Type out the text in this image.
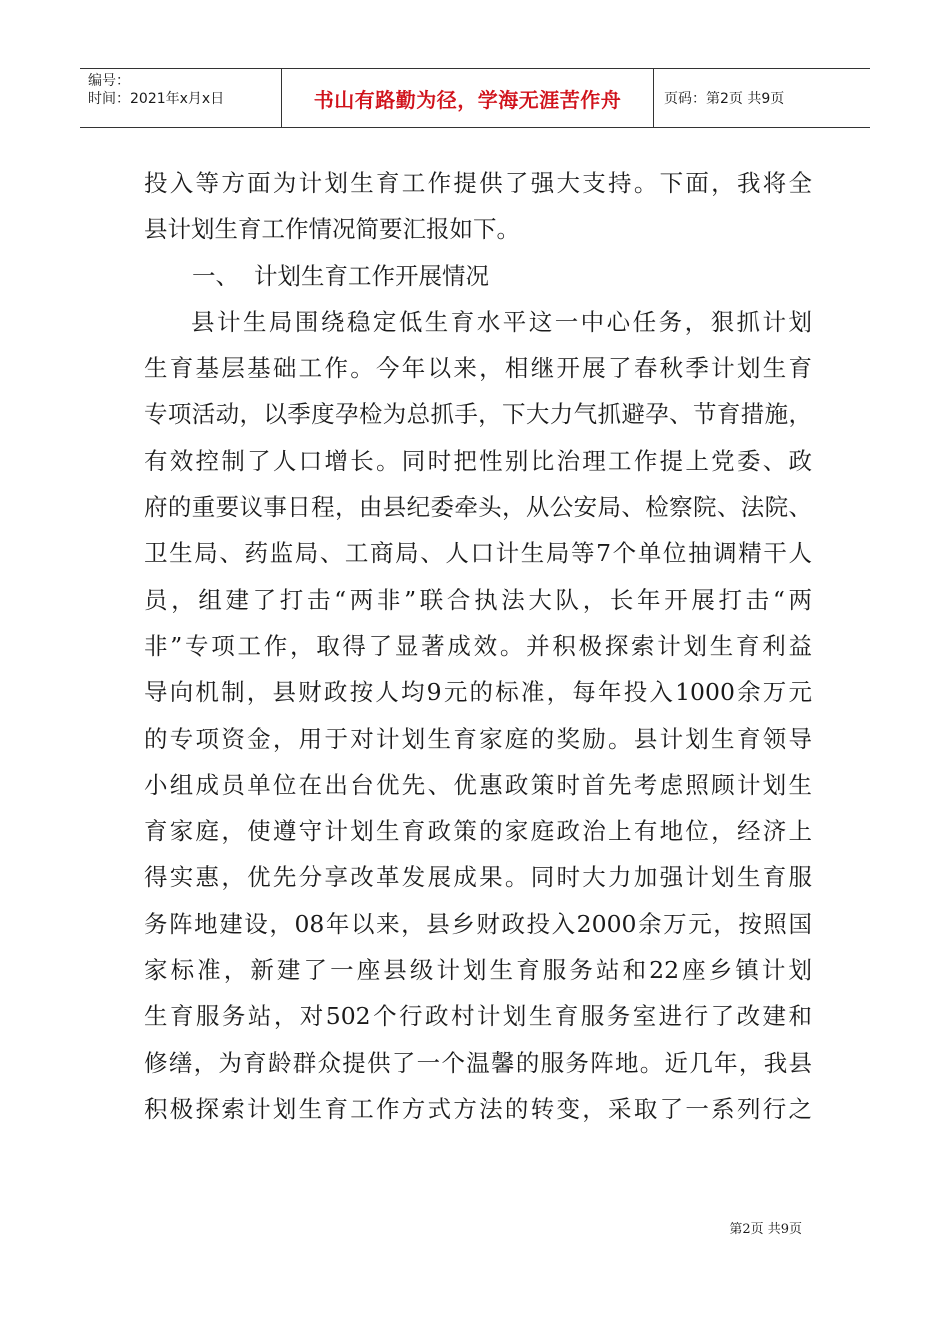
编号：
时间：2021年x月x日	书山有路勤为径，学海无涯苦作舟	页码：第2页 共9页
投入等方面为计划生育工作提供了强大支持。下面，我将全
县计划生育工作情况简要汇报如下。
一、  计划生育工作开展情况
县计生局围绕稳定低生育水平这一中心任务，狠抓计划
生育基层基础工作。今年以来，相继开展了春秋季计划生育
专项活动，以季度孕检为总抓手，下大力气抓避孕、节育措施，
有效控制了人口增长。同时把性别比治理工作提上党委、政
府的重要议事日程，由县纪委牵头，从公安局、检察院、法院、
卫生局、药监局、工商局、人口计生局等7个单位抽调精干人
员，组建了打击“两非”联合执法大队，长年开展打击“两
非”专项工作，取得了显著成效。并积极探索计划生育利益
导向机制，县财政按人均9元的标准，每年投入1000余万元
的专项资金，用于对计划生育家庭的奖励。县计划生育领导
小组成员单位在出台优先、优惠政策时首先考虑照顾计划生
育家庭，使遵守计划生育政策的家庭政治上有地位，经济上
得实惠，优先分享改革发展成果。同时大力加强计划生育服
务阵地建设，08年以来，县乡财政投入2000余万元，按照国
家标准，新建了一座县级计划生育服务站和22座乡镇计划
生育服务站，对502个行政村计划生育服务室进行了改建和
修缮，为育龄群众提供了一个温馨的服务阵地。近几年，我县
积极探索计划生育工作方式方法的转变，采取了一系列行之
第2页 共9页
